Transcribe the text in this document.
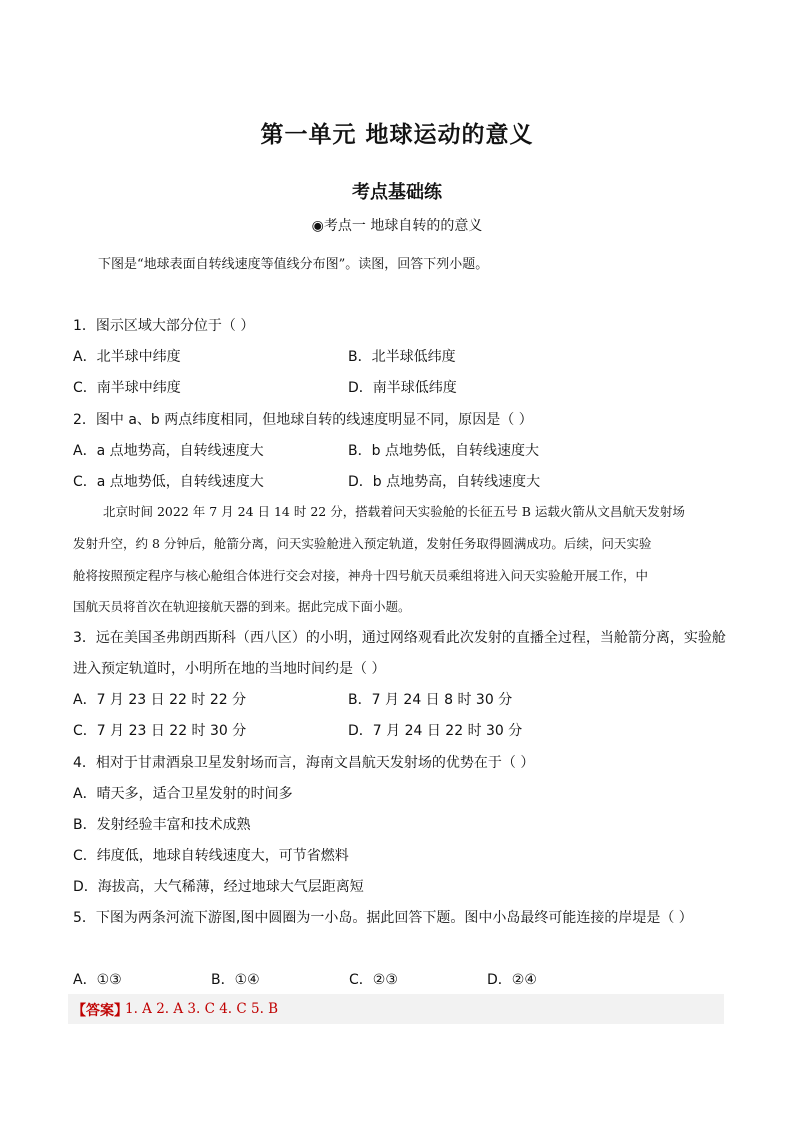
第一单元 地球运动的意义
考点基础练
◉考点一 地球自转的的意义
下图是“地球表面自转线速度等值线分布图”。读图，回答下列小题。
1．图示区域大部分位于（ ）
A．北半球中纬度	B．北半球低纬度
C．南半球中纬度	D．南半球低纬度
2．图中 a、b 两点纬度相同，但地球自转的线速度明显不同，原因是（ ）
A．a 点地势高，自转线速度大	B．b 点地势低，自转线速度大
C．a 点地势低，自转线速度大	D．b 点地势高，自转线速度大
北京时间 2022 年 7 月 24 日 14 时 22 分，搭载着问天实验舱的长征五号 B 运载火箭从文昌航天发射场
发射升空，约 8 分钟后，舱箭分离，问天实验舱进入预定轨道，发射任务取得圆满成功。后续，问天实验
舱将按照预定程序与核心舱组合体进行交会对接，神舟十四号航天员乘组将进入问天实验舱开展工作，中
国航天员将首次在轨迎接航天器的到来。据此完成下面小题。
3．远在美国圣弗朗西斯科（西八区）的小明，通过网络观看此次发射的直播全过程，当舱箭分离，实验舱
进入预定轨道时，小明所在地的当地时间约是（ ）
A．7 月 23 日 22 时 22 分	B．7 月 24 日 8 时 30 分
C．7 月 23 日 22 时 30 分	D．7 月 24 日 22 时 30 分
4．相对于甘肃酒泉卫星发射场而言，海南文昌航天发射场的优势在于（ ）
A．晴天多，适合卫星发射的时间多
B．发射经验丰富和技术成熟
C．纬度低，地球自转线速度大，可节省燃料
D．海拔高，大气稀薄，经过地球大气层距离短
5．下图为两条河流下游图,图中圆圈为一小岛。据此回答下题。图中小岛最终可能连接的岸堤是（ ）
A．①③	B．①④	C．②③	D．②④
【答案】
1. A 2. A 3. C 4. C 5. B
